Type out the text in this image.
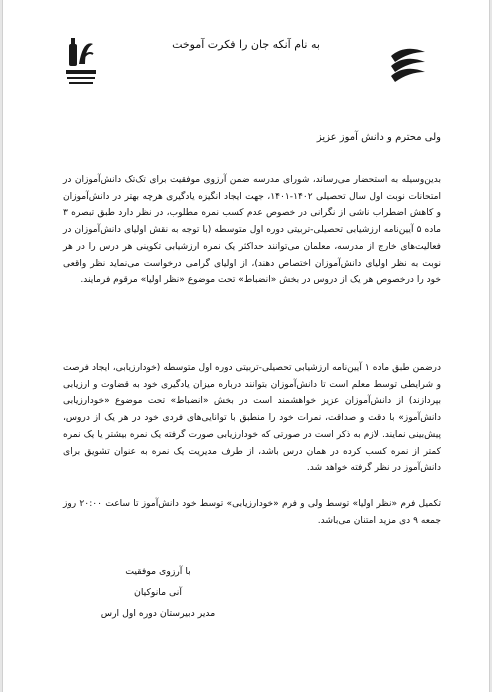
به نام آنکه جان را فکرت آموخت
ولی محترم و دانش آموز عزیز
بدین‌وسیله به استحضار می‌رساند، شورای مدرسه ضمن آرزوی موفقیت برای تک‌تک دانش‌آموزان در امتحانات نوبت اول سال تحصیلی ۱۴۰۲-۱۴۰۱، جهت ایجاد انگیزه یادگیری هرچه بهتر در دانش‌آموزان و کاهش اضطراب ناشی از نگرانی در خصوص عدم کسب نمره مطلوب، در نظر دارد طبق تبصره ۳ ماده ۵ آیین‌نامه ارزشیابی تحصیلی-تربیتی دوره اول متوسطه (با توجه به نقش اولیای دانش‌آموزان در فعالیت‌های خارج از مدرسه، معلمان می‌توانند حداکثر یک نمره ارزشیابی تکوینی هر درس را در هر نوبت به نظر اولیای دانش‌آموزان اختصاص دهند)، از اولیای گرامی درخواست می‌نماید نظر واقعی خود را درخصوص هر یک از دروس در بخش «انضباط» تحت موضوع «نظر اولیا» مرقوم فرمایند.
درضمن طبق ماده ۱ آیین‌نامه ارزشیابی تحصیلی-تربیتی دوره اول متوسطه (خودارزیابی، ایجاد فرصت و شرایطی توسط معلم است تا دانش‌آموزان بتوانند درباره میزان یادگیری خود به قضاوت و ارزیابی بپردازند) از دانش‌آموزان عزیز خواهشمند است در بخش «انضباط» تحت موضوع «خودارزیابی دانش‌آموز» با دقت و صداقت، نمرات خود را منطبق با توانایی‌های فردی خود در هر یک از دروس، پیش‌بینی نمایند. لازم به ذکر است در صورتی که خودارزیابی صورت گرفته یک نمره بیشتر یا یک نمره کمتر از نمره کسب کرده در همان درس باشد، از طرف مدیریت یک نمره به عنوان تشویق برای دانش‌آموز در نظر گرفته خواهد شد.
تکمیل فرم «نظر اولیا» توسط ولی و فرم «خودارزیابی» توسط خود دانش‌آموز تا ساعت ۲۰:۰۰ روز جمعه ۹ دی مزید امتنان می‌باشد.
با آرزوی موفقیت
آنی مانوکیان
مدیر دبیرستان دوره اول ارس
